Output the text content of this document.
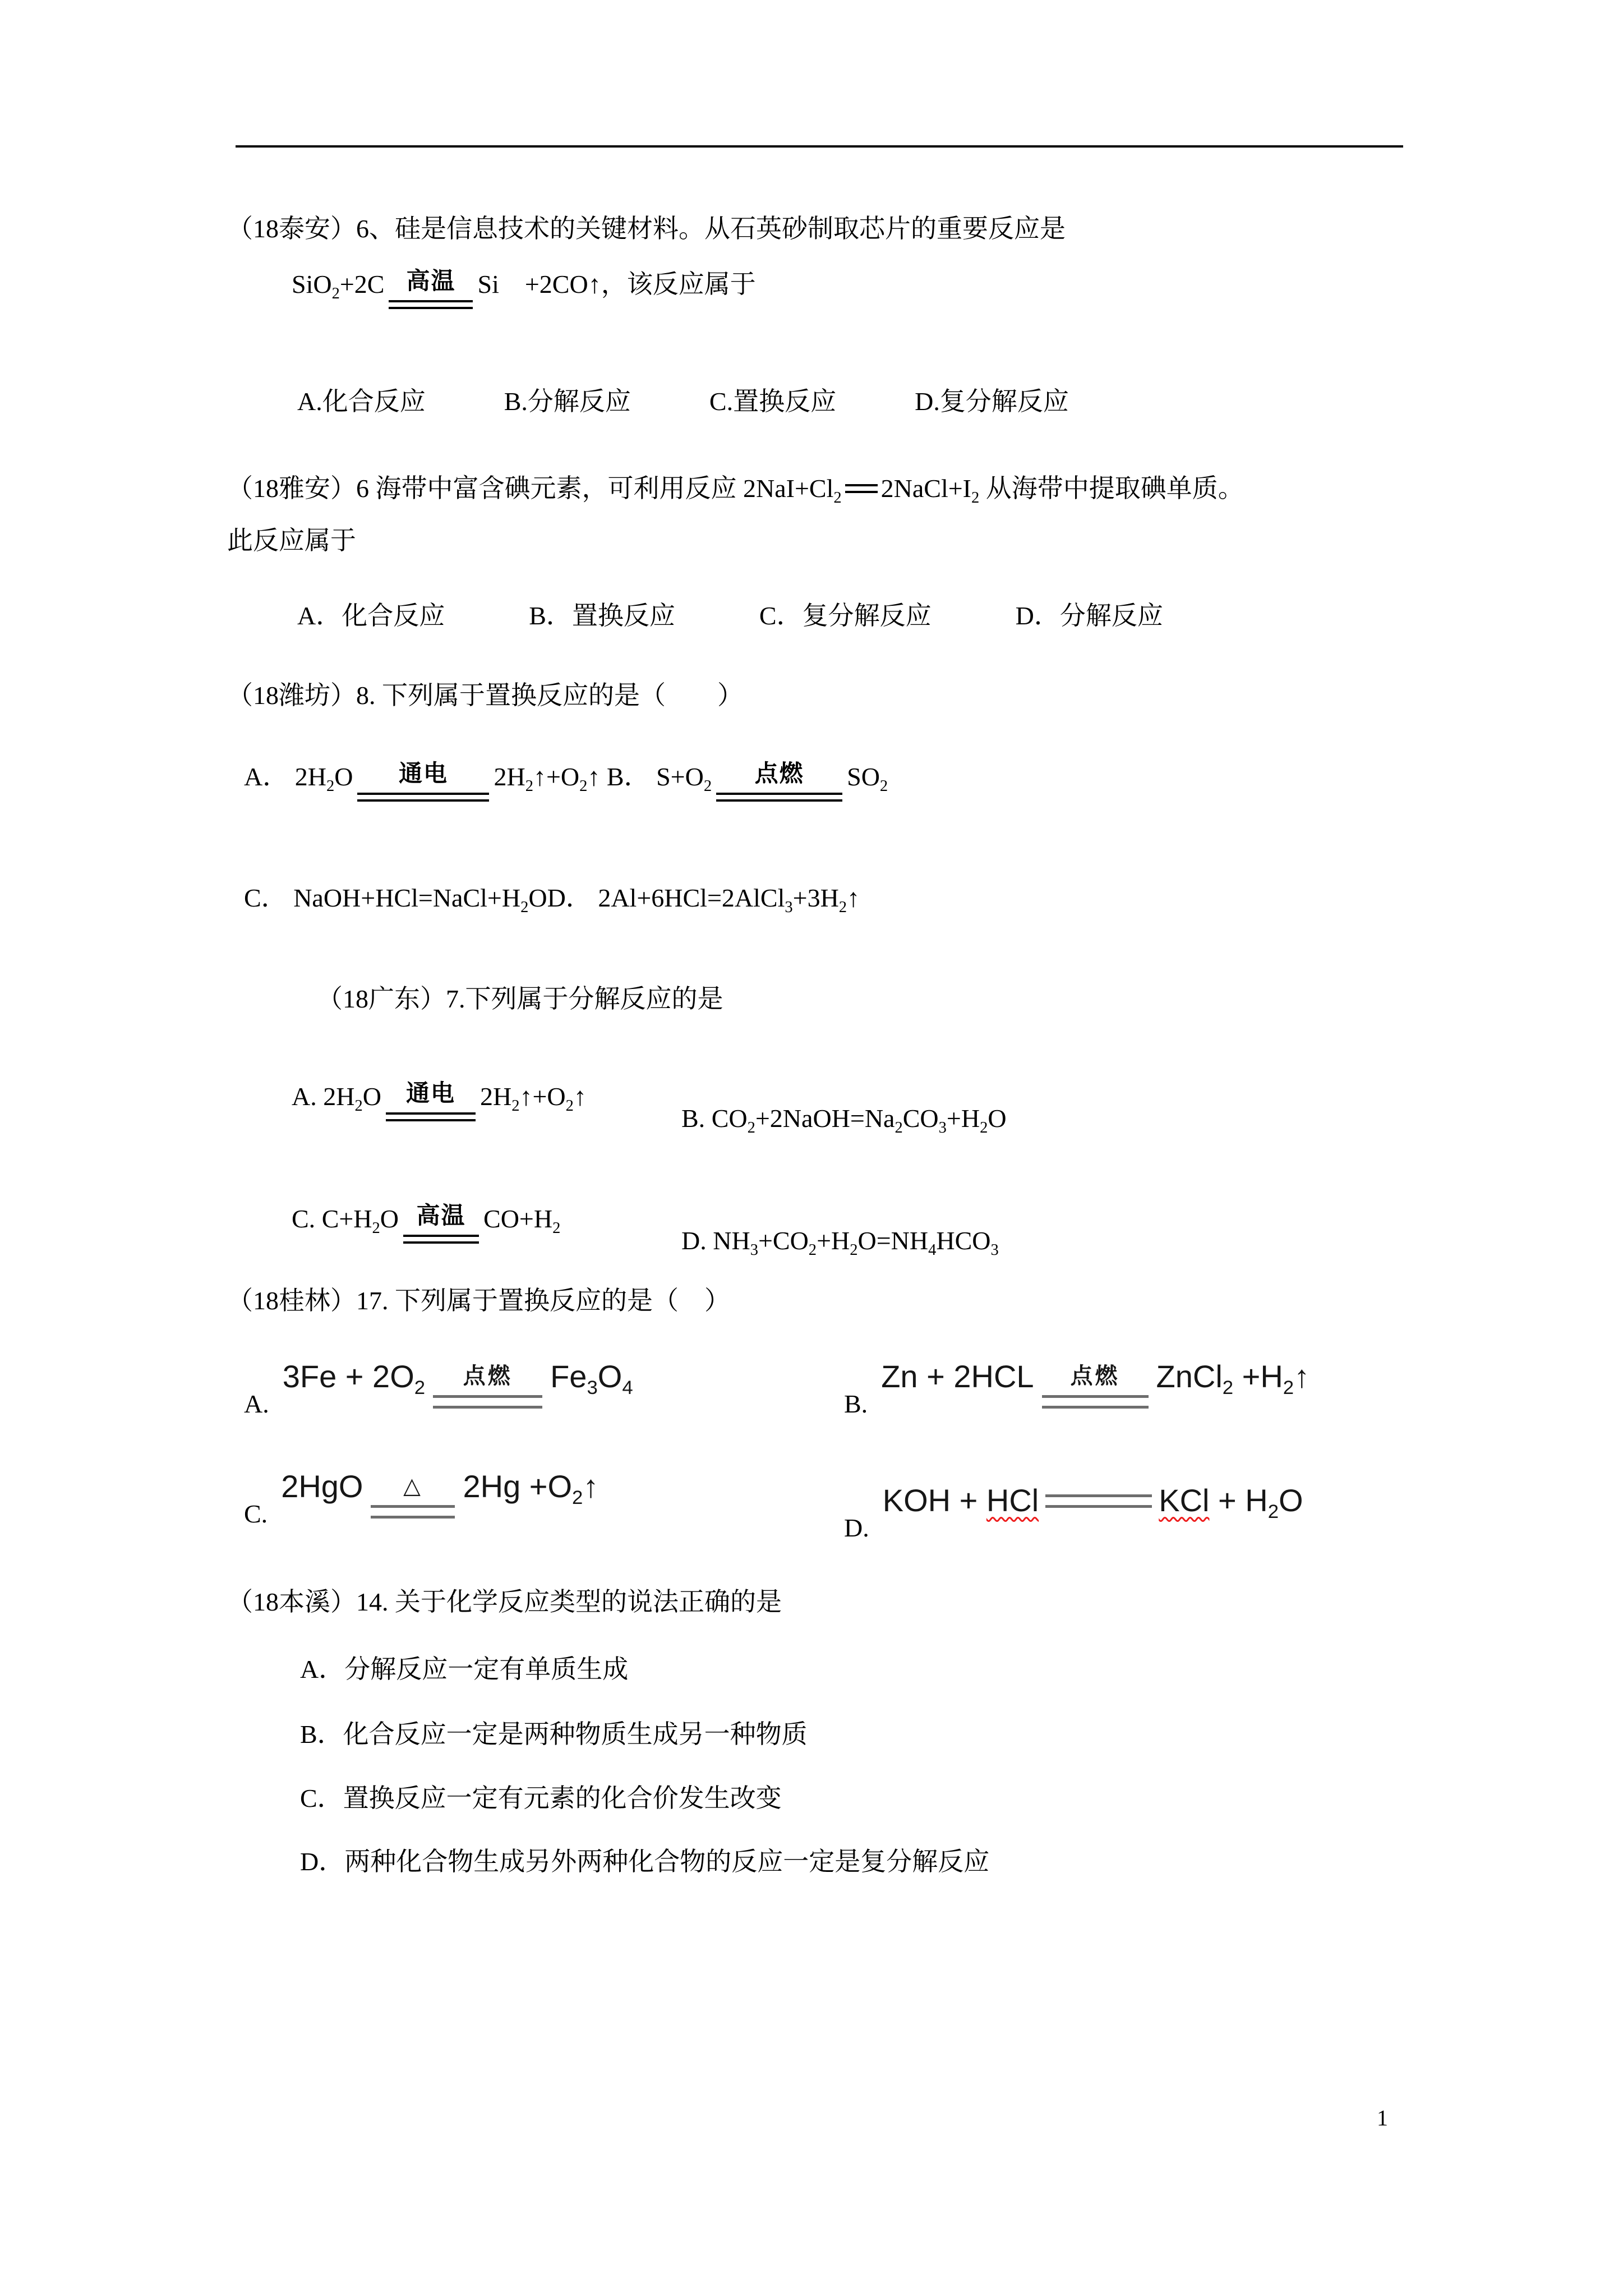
（18泰安）6、硅是信息技术的关键材料。从石英砂制取芯片的重要反应是
SiO$_2$+2C 高温 Si　+2CO↑，该反应属于
A.化合反应	B.分解反应	C.置换反应	D.复分解反应
（18雅安）6 海带中富含碘元素，可利用反应 $2NaI+Cl_2$ $2NaCl+I_2$ 从海带中提取碘单质。
此反应属于
A．化合反应	B．置换反应	C．复分解反应	D．分解反应
（18潍坊）8. 下列属于置换反应的是（　　）
A． $2H_2O$ 通电 $2H_2↑+O_2↑$ B． $S+O_2$ 点燃 $SO_2$
C． $NaOH+HCl=NaCl+H_2OD$． $2Al+6HCl=2AlCl_3+3H_2↑$
（18广东）7.下列属于分解反应的是
A. $2H_2O$ 通电 $2H_2↑+O_2↑$
B. $CO_2+2NaOH=Na_2CO_3+H_2O$
C. $C+H_2O$ 高温 $CO+H_2$	D. $NH_3+CO_2+H_2O=NH_4HCO_3$
（18桂林）17. 下列属于置换反应的是（　）
$A.3Fe + 2O_2$ 点燃 $Fe_3O_4$
B.Zn + 2HCL 点燃 ZnCl$_2$ $+H_2↑$
C.2HgO △ $2Hg +O_2↑$
D.KOH + HCl	KCl + $H_2O$
（18本溪）14. 关于化学反应类型的说法正确的是
A．分解反应一定有单质生成
B．化合反应一定是两种物质生成另一种物质
C．置换反应一定有元素的化合价发生改变
D．两种化合物生成另外两种化合物的反应一定是复分解反应
1
